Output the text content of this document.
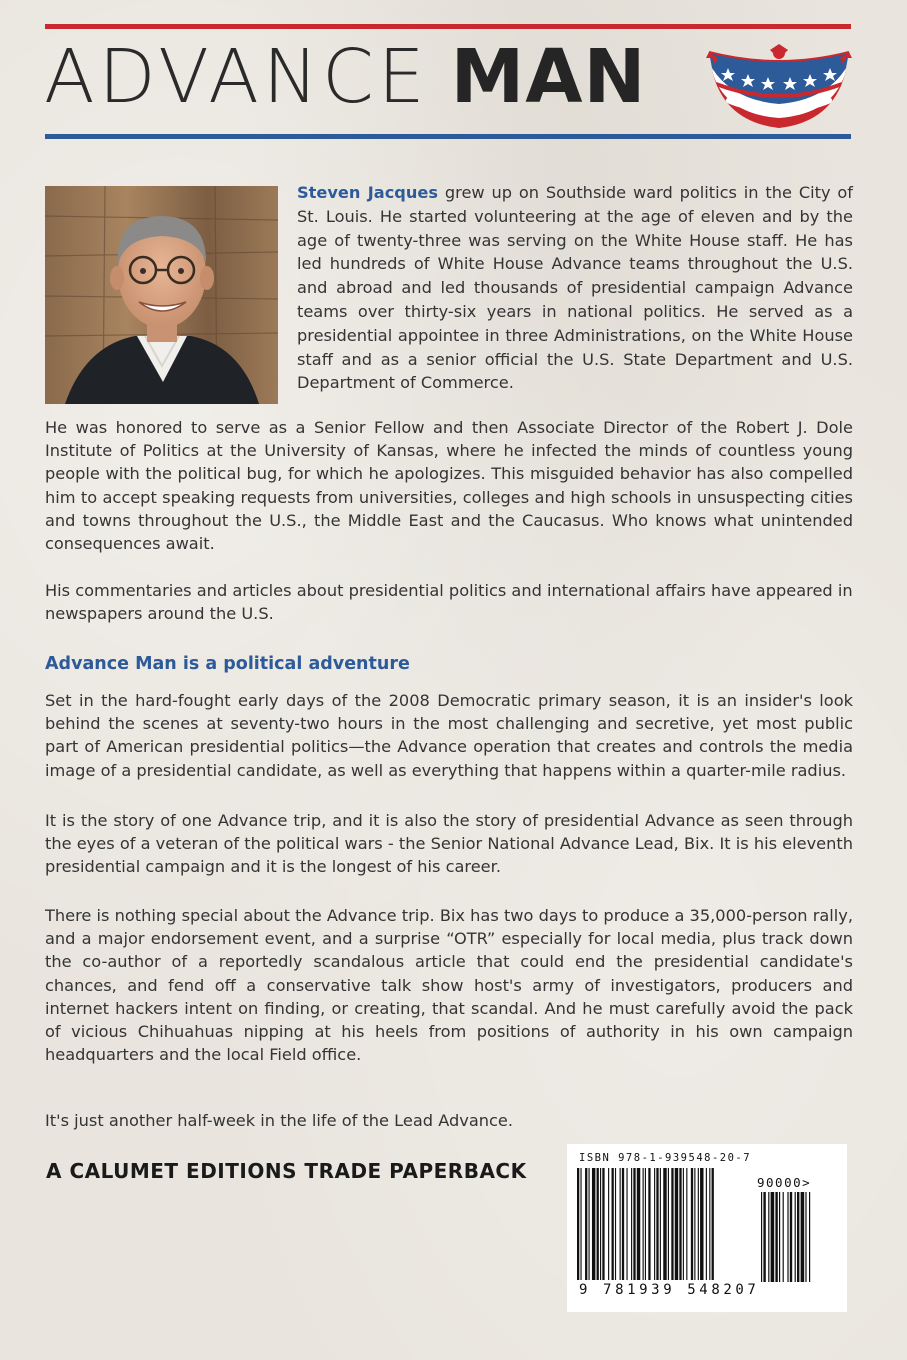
ADVANCE MAN
Steven Jacques grew up on Southside ward politics in the City of St. Louis. He started volunteering at the age of eleven and by the age of twenty-three was serving on the White House staff. He has led hundreds of White House Advance teams throughout the U.S. and abroad and led thousands of presidential campaign Advance teams over thirty-six years in national politics. He served as a presidential appointee in three Administrations, on the White House staff and as a senior official the U.S. State Department and U.S. Department of Commerce.

He was honored to serve as a Senior Fellow and then Associate Director of the Robert J. Dole Institute of Politics at the University of Kansas, where he infected the minds of countless young people with the political bug, for which he apologizes. This misguided behavior has also compelled him to accept speaking requests from universities, colleges and high schools in unsuspecting cities and towns throughout the U.S., the Middle East and the Caucasus. Who knows what unintended consequences await.

His commentaries and articles about presidential politics and international affairs have appeared in newspapers around the U.S.

Advance Man is a political adventure

Set in the hard-fought early days of the 2008 Democratic primary season, it is an insider's look behind the scenes at seventy-two hours in the most challenging and secretive, yet most public part of American presidential politics—the Advance operation that creates and controls the media image of a presidential candidate, as well as everything that happens within a quarter-mile radius.

It is the story of one Advance trip, and it is also the story of presidential Advance as seen through the eyes of a veteran of the political wars - the Senior National Advance Lead, Bix. It is his eleventh presidential campaign and it is the longest of his career.

There is nothing special about the Advance trip. Bix has two days to produce a 35,000-person rally, and a major endorsement event, and a surprise “OTR” especially for local media, plus track down the co-author of a reportedly scandalous article that could end the presidential candidate's chances, and fend off a conservative talk show host's army of investigators, producers and internet hackers intent on finding, or creating, that scandal. And he must carefully avoid the pack of vicious Chihuahuas nipping at his heels from positions of authority in his own campaign headquarters and the local Field office.

It's just another half-week in the life of the Lead Advance.

A CALUMET EDITIONS TRADE PAPERBACK
ISBN 978-1-939548-20-7
90000>
9 781939 548207
